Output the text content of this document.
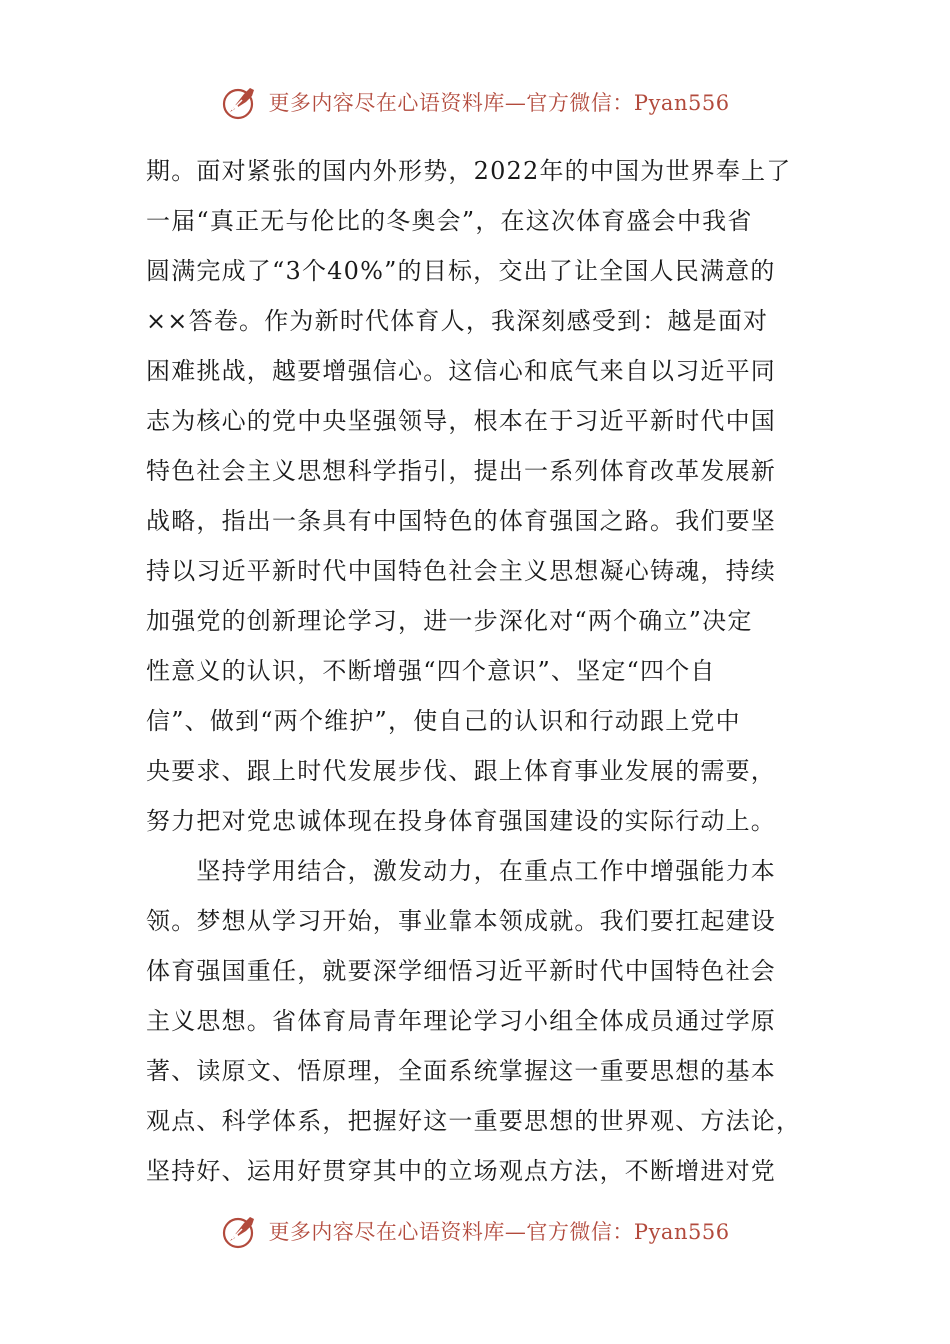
更多内容尽在心语资料库—官方微信：Pyan556
期。面对紧张的国内外形势，2022年的中国为世界奉上了
一届“真正无与伦比的冬奥会”，在这次体育盛会中我省
圆满完成了“3个40%”的目标，交出了让全国人民满意的
××答卷。作为新时代体育人，我深刻感受到：越是面对
困难挑战，越要增强信心。这信心和底气来自以习近平同
志为核心的党中央坚强领导，根本在于习近平新时代中国
特色社会主义思想科学指引，提出一系列体育改革发展新
战略，指出一条具有中国特色的体育强国之路。我们要坚
持以习近平新时代中国特色社会主义思想凝心铸魂，持续
加强党的创新理论学习，进一步深化对“两个确立”决定
性意义的认识，不断增强“四个意识”、坚定“四个自
信”、做到“两个维护”，使自己的认识和行动跟上党中
央要求、跟上时代发展步伐、跟上体育事业发展的需要，
努力把对党忠诚体现在投身体育强国建设的实际行动上。
　　坚持学用结合，激发动力，在重点工作中增强能力本
领。梦想从学习开始，事业靠本领成就。我们要扛起建设
体育强国重任，就要深学细悟习近平新时代中国特色社会
主义思想。省体育局青年理论学习小组全体成员通过学原
著、读原文、悟原理，全面系统掌握这一重要思想的基本
观点、科学体系，把握好这一重要思想的世界观、方法论，
坚持好、运用好贯穿其中的立场观点方法，不断增进对党
更多内容尽在心语资料库—官方微信：Pyan556
